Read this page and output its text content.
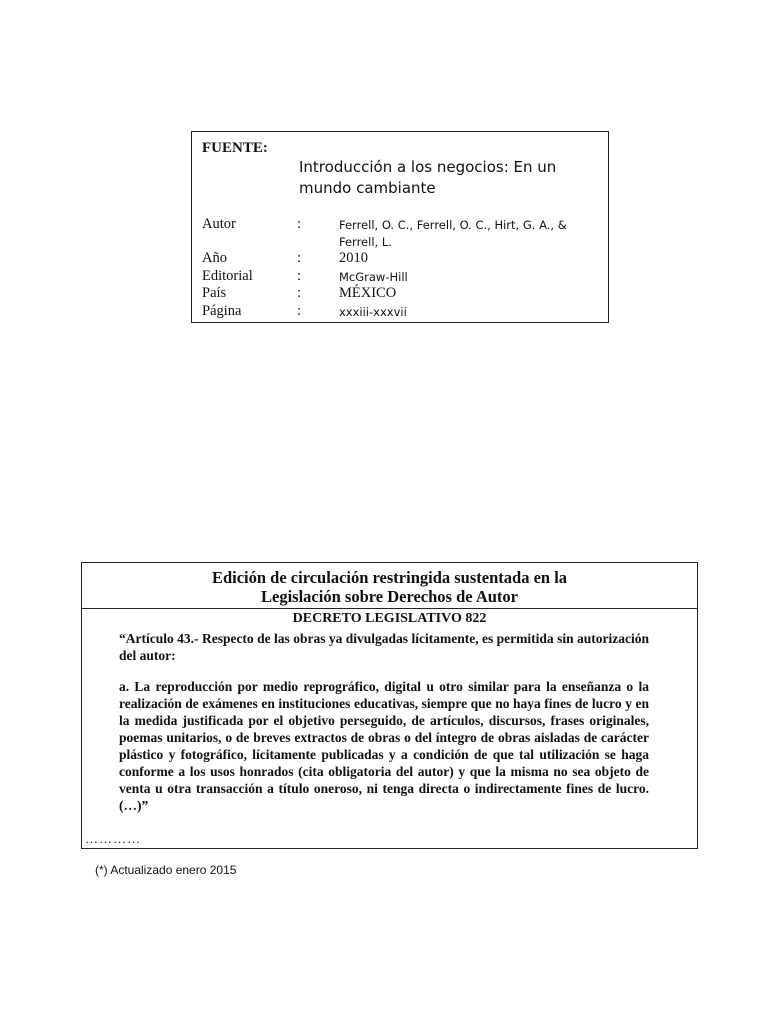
FUENTE:
Introducción a los negocios: En un mundo cambiante
Autor	:	Ferrell, O. C., Ferrell, O. C., Hirt, G. A., & Ferrell, L.
Año	:	2010
Editorial	:	McGraw-Hill
País	:	MÉXICO
Página	:	xxxiii-xxxvii
Edición de circulación restringida sustentada en la
Legislación sobre Derechos de Autor
DECRETO LEGISLATIVO 822
“Artículo 43.- Respecto de las obras ya divulgadas lícitamente, es permitida sin autorización del autor:
a. La reproducción por medio reprográfico, digital u otro similar para la enseñanza o la realización de exámenes en instituciones educativas, siempre que no haya fines de lucro y en la medida justificada por el objetivo perseguido, de artículos, discursos, frases originales, poemas unitarios, o de breves extractos de obras o del íntegro de obras aisladas de carácter plástico y fotográfico, lícitamente publicadas y a condición de que tal utilización se haga conforme a los usos honrados (cita obligatoria del autor) y que la misma no sea objeto de venta u otra transacción a título oneroso, ni tenga directa o indirectamente fines de lucro. (…)”
…………
(*) Actualizado enero 2015
